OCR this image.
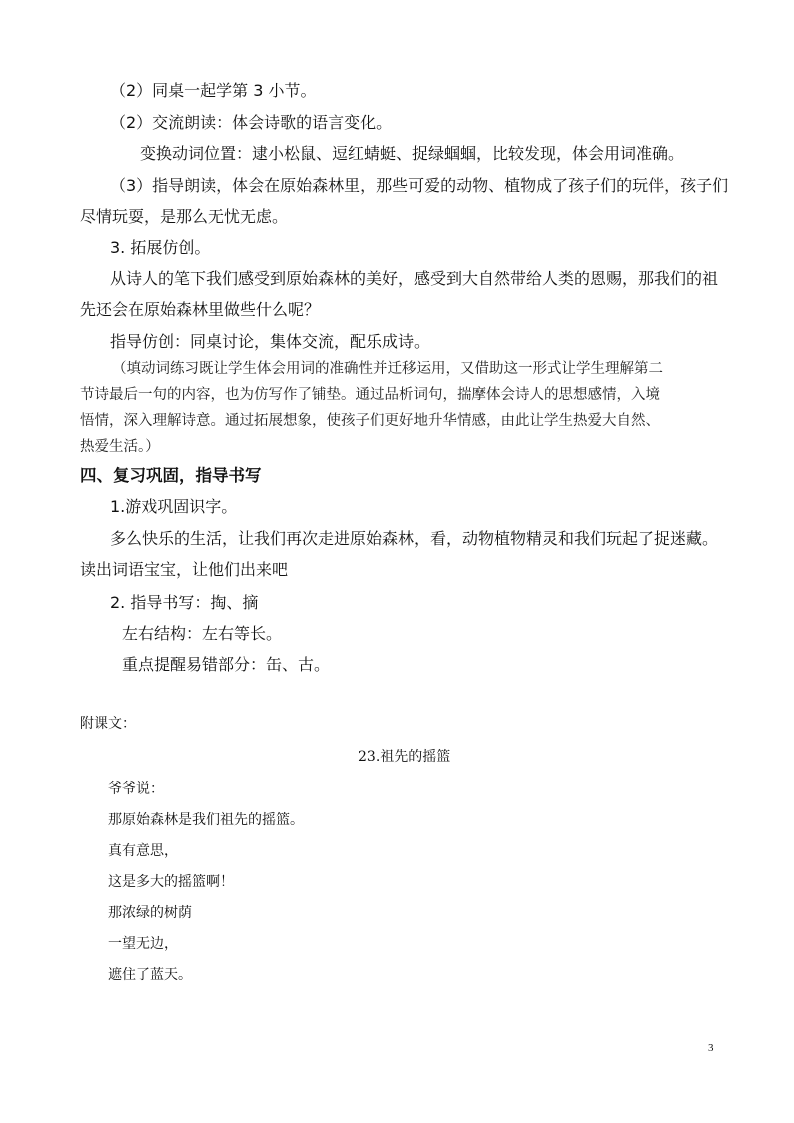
（2）同桌一起学第 3 小节。
（2）交流朗读：体会诗歌的语言变化。
变换动词位置：逮小松鼠、逗红蜻蜓、捉绿蝈蝈，比较发现，体会用词准确。
（3）指导朗读，体会在原始森林里，那些可爱的动物、植物成了孩子们的玩伴，孩子们
尽情玩耍，是那么无忧无虑。
3. 拓展仿创。
从诗人的笔下我们感受到原始森林的美好，感受到大自然带给人类的恩赐，那我们的祖
先还会在原始森林里做些什么呢？
指导仿创：同桌讨论，集体交流，配乐成诗。
（填动词练习既让学生体会用词的准确性并迁移运用，又借助这一形式让学生理解第二
节诗最后一句的内容，也为仿写作了铺垫。通过品析词句，揣摩体会诗人的思想感情，入境
悟情，深入理解诗意。通过拓展想象，使孩子们更好地升华情感，由此让学生热爱大自然、
热爱生活。）
四、复习巩固，指导书写
1.游戏巩固识字。
多么快乐的生活，让我们再次走进原始森林，看，动物植物精灵和我们玩起了捉迷藏。
读出词语宝宝，让他们出来吧
2. 指导书写：掏、摘
左右结构：左右等长。
重点提醒易错部分：缶、古。
附课文：
23.祖先的摇篮
爷爷说：
那原始森林是我们祖先的摇篮。
真有意思，
这是多大的摇篮啊！
那浓绿的树荫
一望无边，
遮住了蓝天。
3
